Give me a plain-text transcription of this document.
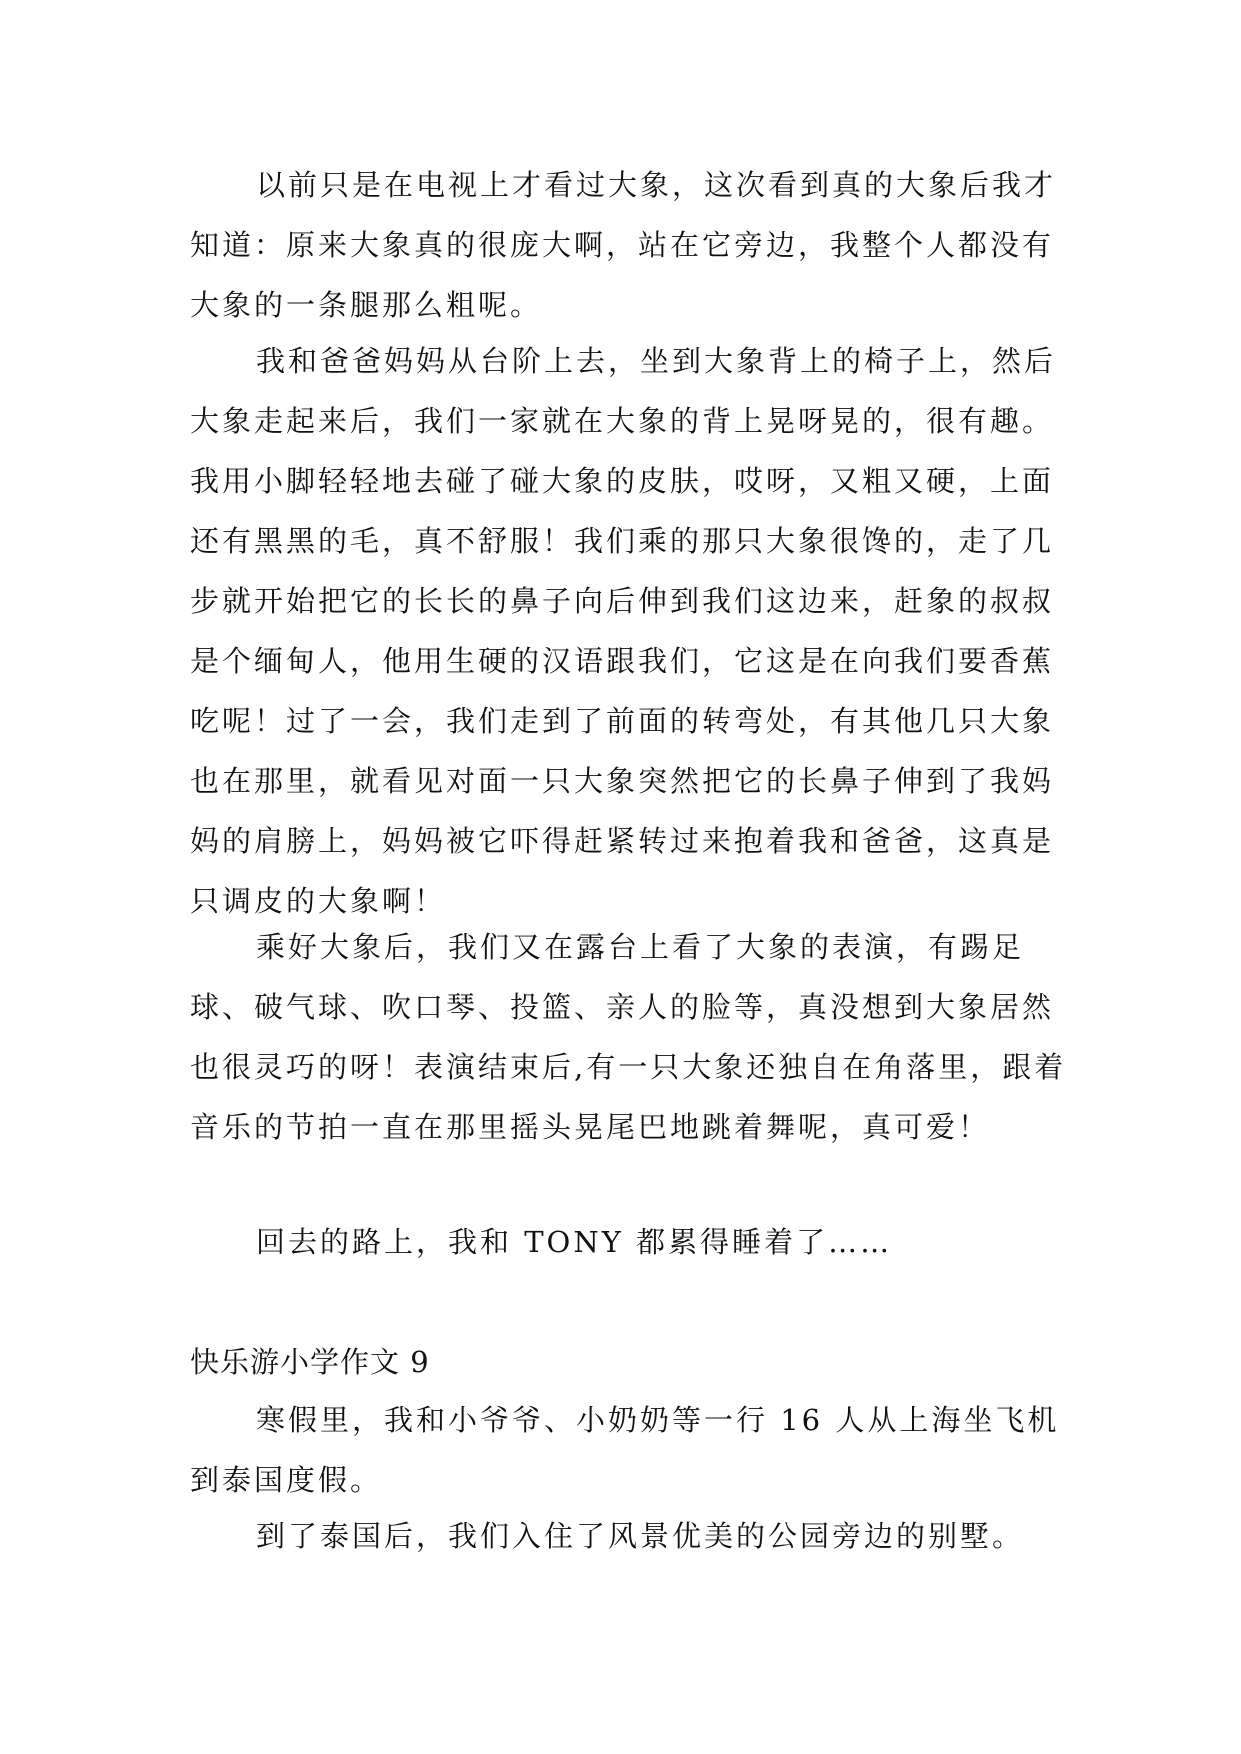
以前只是在电视上才看过大象，这次看到真的大象后我才知道：原来大象真的很庞大啊，站在它旁边，我整个人都没有大象的一条腿那么粗呢。

我和爸爸妈妈从台阶上去，坐到大象背上的椅子上，然后大象走起来后，我们一家就在大象的背上晃呀晃的，很有趣。我用小脚轻轻地去碰了碰大象的皮肤，哎呀，又粗又硬，上面还有黑黑的毛，真不舒服！我们乘的那只大象很馋的，走了几步就开始把它的长长的鼻子向后伸到我们这边来，赶象的叔叔是个缅甸人，他用生硬的汉语跟我们，它这是在向我们要香蕉吃呢！过了一会，我们走到了前面的转弯处，有其他几只大象也在那里，就看见对面一只大象突然把它的长鼻子伸到了我妈妈的肩膀上，妈妈被它吓得赶紧转过来抱着我和爸爸，这真是只调皮的大象啊！

乘好大象后，我们又在露台上看了大象的表演，有踢足球、破气球、吹口琴、投篮、亲人的脸等，真没想到大象居然也很灵巧的呀！表演结束后,有一只大象还独自在角落里，跟着音乐的节拍一直在那里摇头晃尾巴地跳着舞呢，真可爱！

回去的路上，我和 TONY 都累得睡着了……

快乐游小学作文 9

寒假里，我和小爷爷、小奶奶等一行 16 人从上海坐飞机到泰国度假。

到了泰国后，我们入住了风景优美的公园旁边的别墅。
